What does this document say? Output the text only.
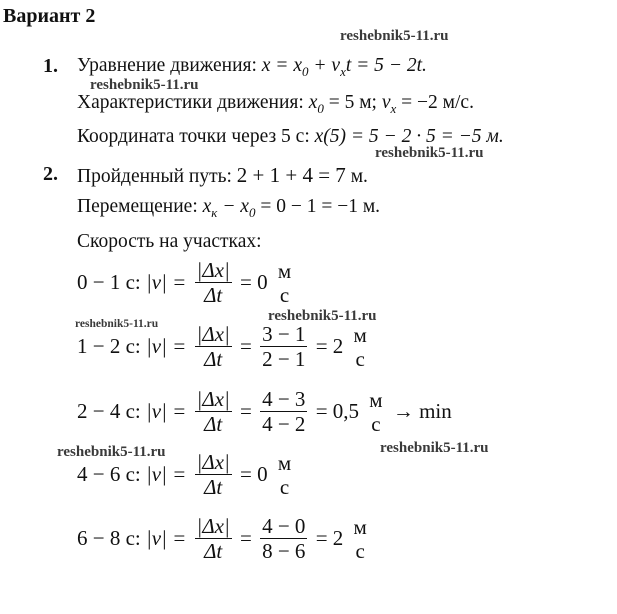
Вариант 2
reshebnik5-11.ru
reshebnik5-11.ru
reshebnik5-11.ru
reshebnik5-11.ru	reshebnik5-11.ru
reshebnik5-11.ru
reshebnik5-11.ru
1. Уравнение движения: $x = x_0 + v_xt = 5 - 2t$.
Характеристики движения: $x_0 = 5$ м; $v_x = -2$ м/с.
Координата точки через 5 с: x(5) = 5 − 2 · 5 = −5 м.
2. Пройденный путь: 2 + 1 + 4 = 7 м.
Перемещение: $x_к - x_0 = 0 - 1 = -1$ м.
Скорость на участках:
0 − 1 с: $|v| = \frac{|\Delta x|}{\Delta t} = 0$ м
с
1 − 2 с: $|v| = \frac{|\Delta x|}{\Delta t} = \frac{3 - 1}{2 - 1} = 2$ м
с
2 − 4 с: $|v| = \frac{|\Delta x|}{\Delta t} = \frac{4 - 3}{4 - 2} = 0,5$ м
с
→ min
4 − 6 с: $|v| = \frac{|\Delta x|}{\Delta t} = 0$ м
с
6 − 8 с: $|v| = \frac{|\Delta x|}{\Delta t} = \frac{4 - 0}{8 - 6} = 2$ м
с
